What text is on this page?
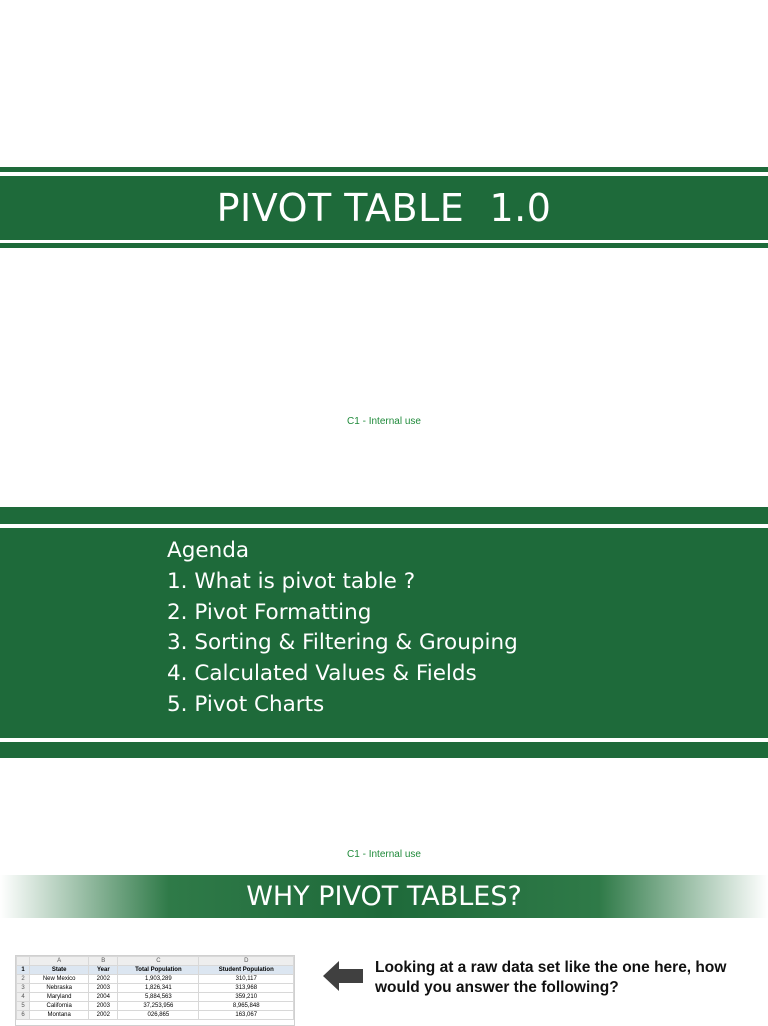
PIVOT TABLE  1.0
C1 - Internal use
Agenda
1. What is pivot table ?
2. Pivot Formatting
3. Sorting & Filtering & Grouping
4. Calculated Values & Fields
5. Pivot Charts
C1 - Internal use
WHY PIVOT TABLES?
	A	B	C	D
1	State	Year	Total Population	Student Population
2	New Mexico	2002	1,903,289	310,117
3	Nebraska	2003	1,826,341	313,968
4	Maryland	2004	5,884,563	359,210
5	California	2003	37,253,956	8,965,848
6	Montana	2002	026,865	163,067
Looking at a raw data set like the one here, how would you answer the following?
